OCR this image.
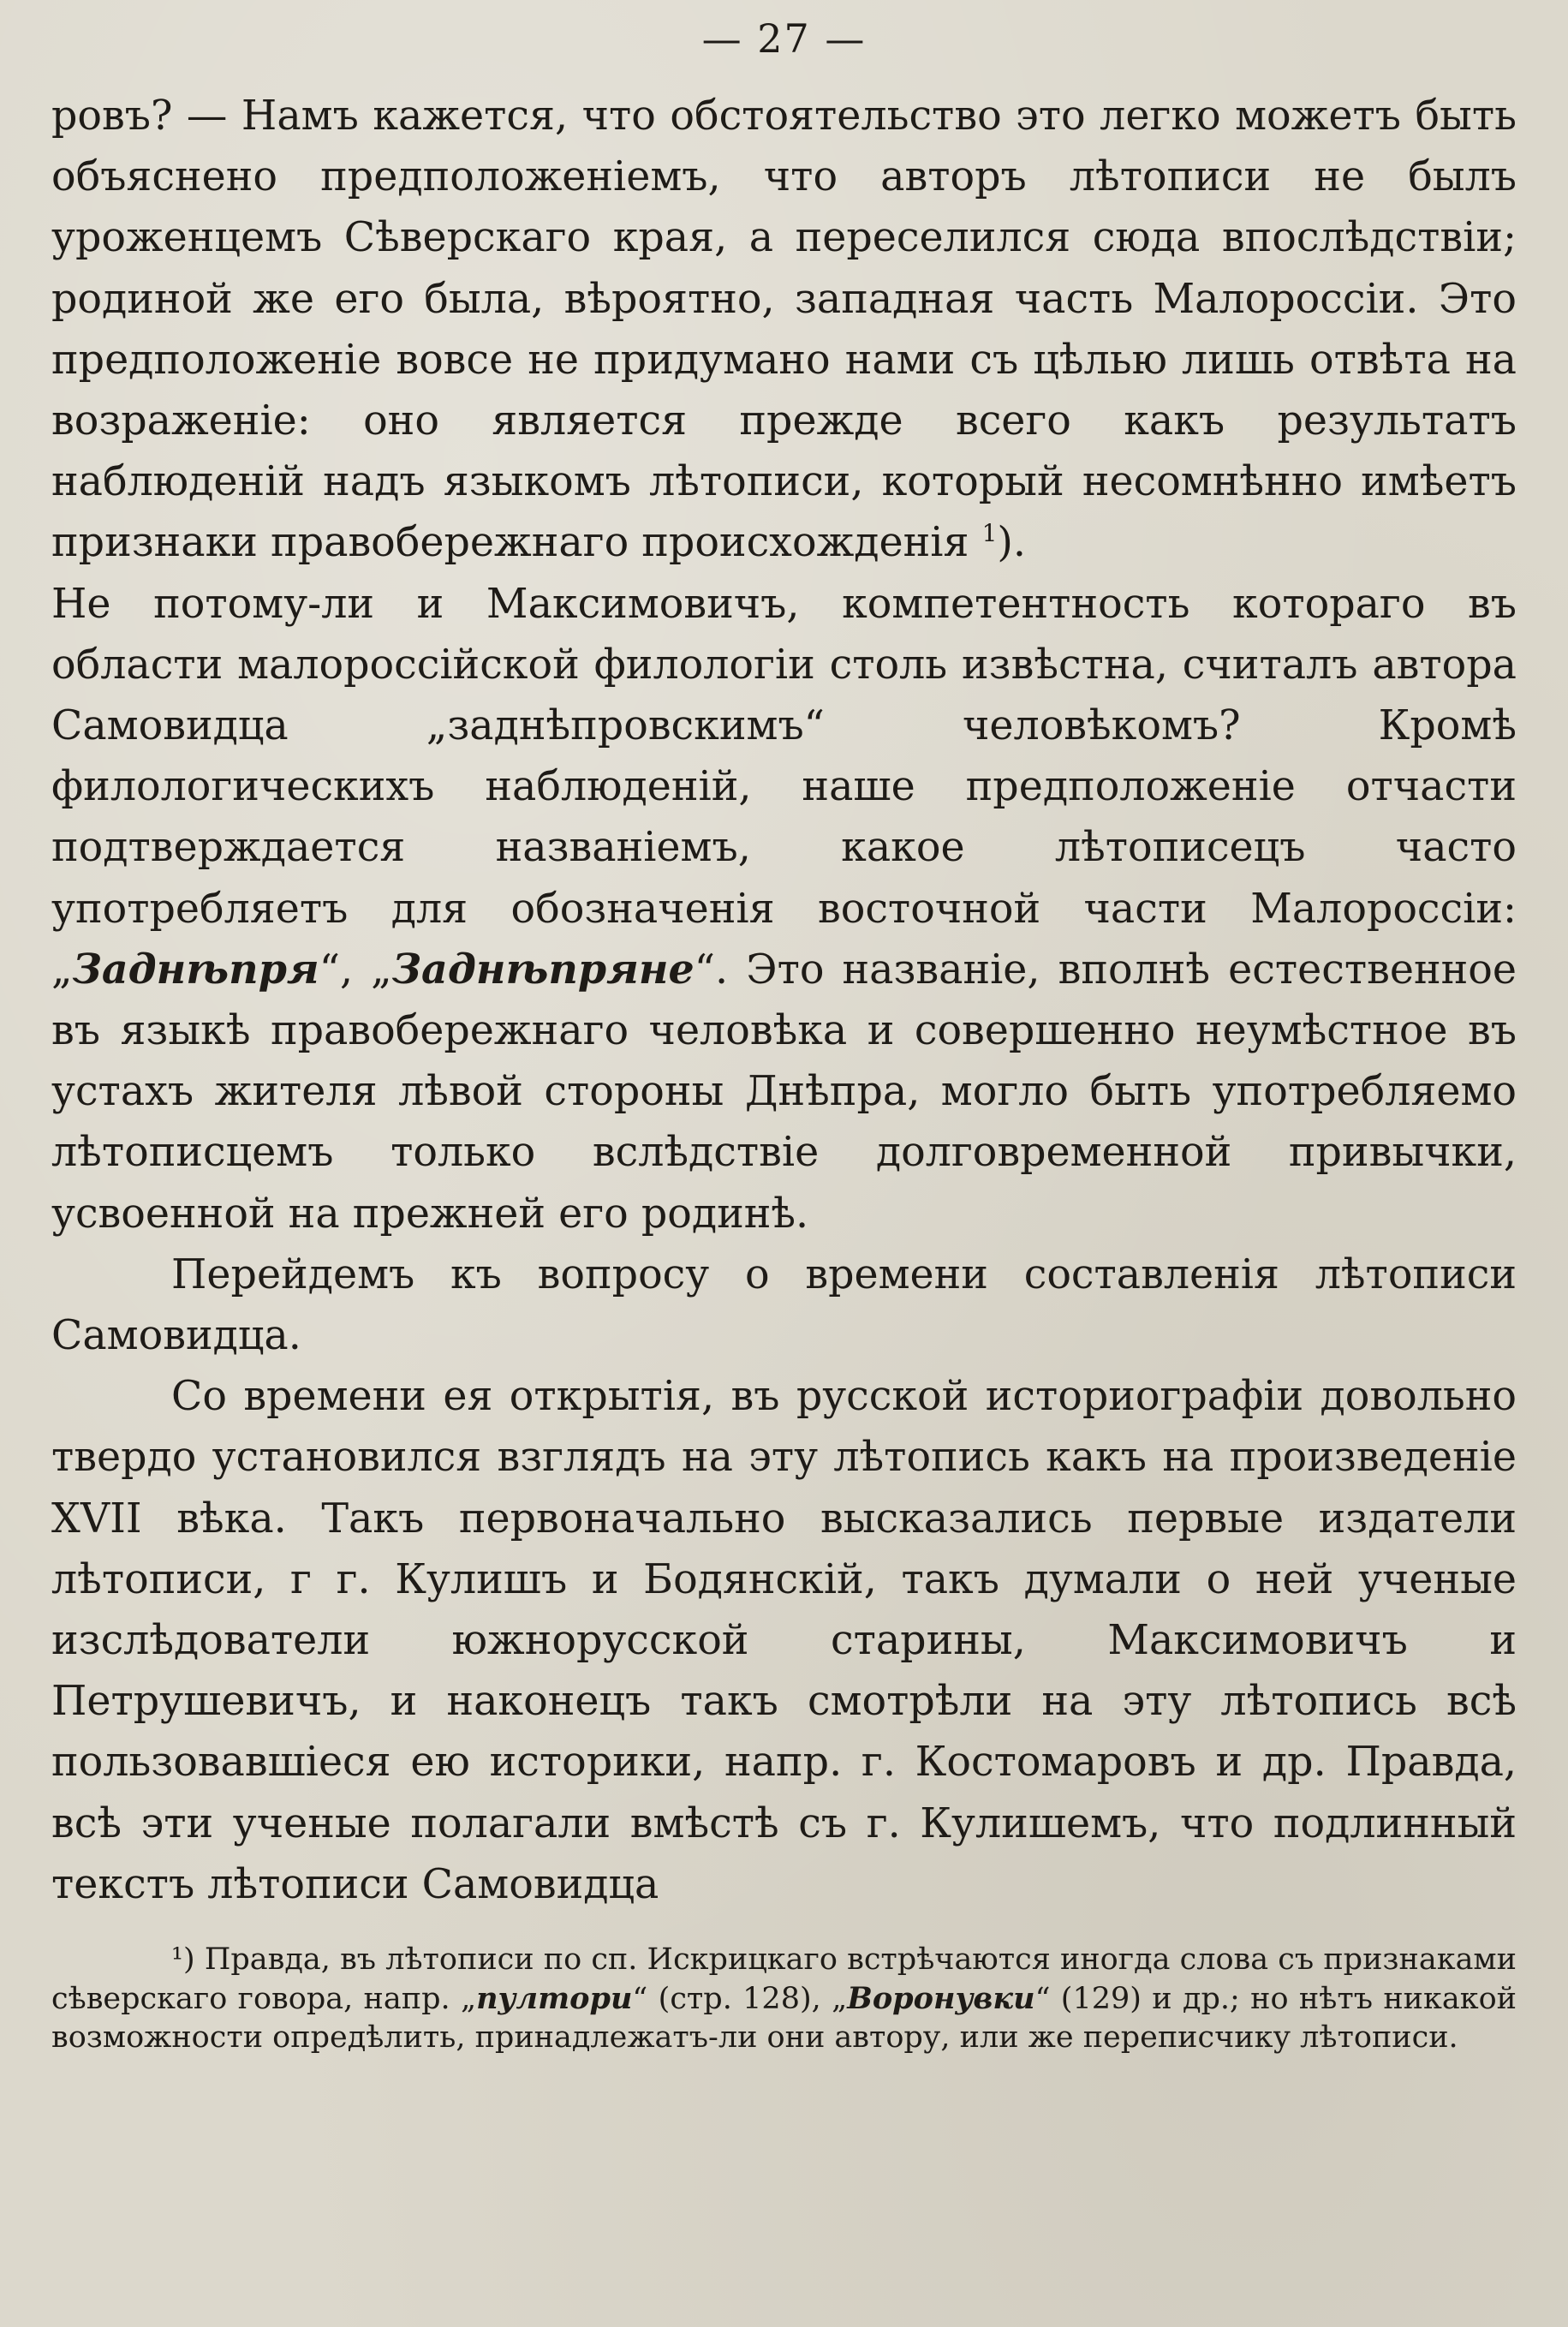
— 27 —

ровъ? — Намъ кажется, что обстоятельство это легко можетъ быть объяснено предположеніемъ, что авторъ лѣтописи не былъ уроженцемъ Сѣверскаго края, а переселился сюда впослѣдствіи; родиной же его была, вѣроятно, западная часть Малороссіи. Это предположеніе вовсе не придумано нами съ цѣлью лишь отвѣта на возраженіе: оно является прежде всего какъ результатъ наблюденій надъ языкомъ лѣтописи, который несомнѣнно имѣетъ признаки правобережнаго происхожденія $^1$).

Не потому-ли и Максимовичъ, компетентность котораго въ области малороссійской филологіи столь извѣстна, считалъ автора Самовидца „заднѣпровскимъ“ человѣкомъ? Кромѣ филологическихъ наблюденій, наше предположеніе отчасти подтверждается названіемъ, какое лѣтописецъ часто употребляетъ для обозначенія восточной части Малороссіи: „Заднѣпря“, „Заднѣпряне“. Это названіе, вполнѣ естественное въ языкѣ правобережнаго человѣка и совершенно неумѣстное въ устахъ жителя лѣвой стороны Днѣпра, могло быть употребляемо лѣтописцемъ только вслѣдствіе долговременной привычки, усвоенной на прежней его родинѣ.

Перейдемъ къ вопросу о времени составленія лѣтописи Самовидца.

Со времени ея открытія, въ русской историографіи довольно твердо установился взглядъ на эту лѣтопись какъ на произведеніе XVII вѣка. Такъ первоначально высказались первые издатели лѣтописи, г г. Кулишъ и Бодянскій, такъ думали о ней ученые изслѣдователи южнорусской старины, Максимовичъ и Петрушевичъ, и наконецъ такъ смотрѣли на эту лѣтопись всѣ пользовавшіеся ею историки, напр. г. Костомаровъ и др. Правда, всѣ эти ученые полагали вмѣстѣ съ г. Кулишемъ, что подлинный текстъ лѣтописи Самовидца

¹) Правда, въ лѣтописи по сп. Искрицкаго встрѣчаются иногда слова съ признаками сѣверскаго говора, напр. „пултори“ (стр. 128), „Воронувки“ (129) и др.; но нѣтъ никакой возможности опредѣлить, принадлежатъ-ли они автору, или же переписчику лѣтописи.
